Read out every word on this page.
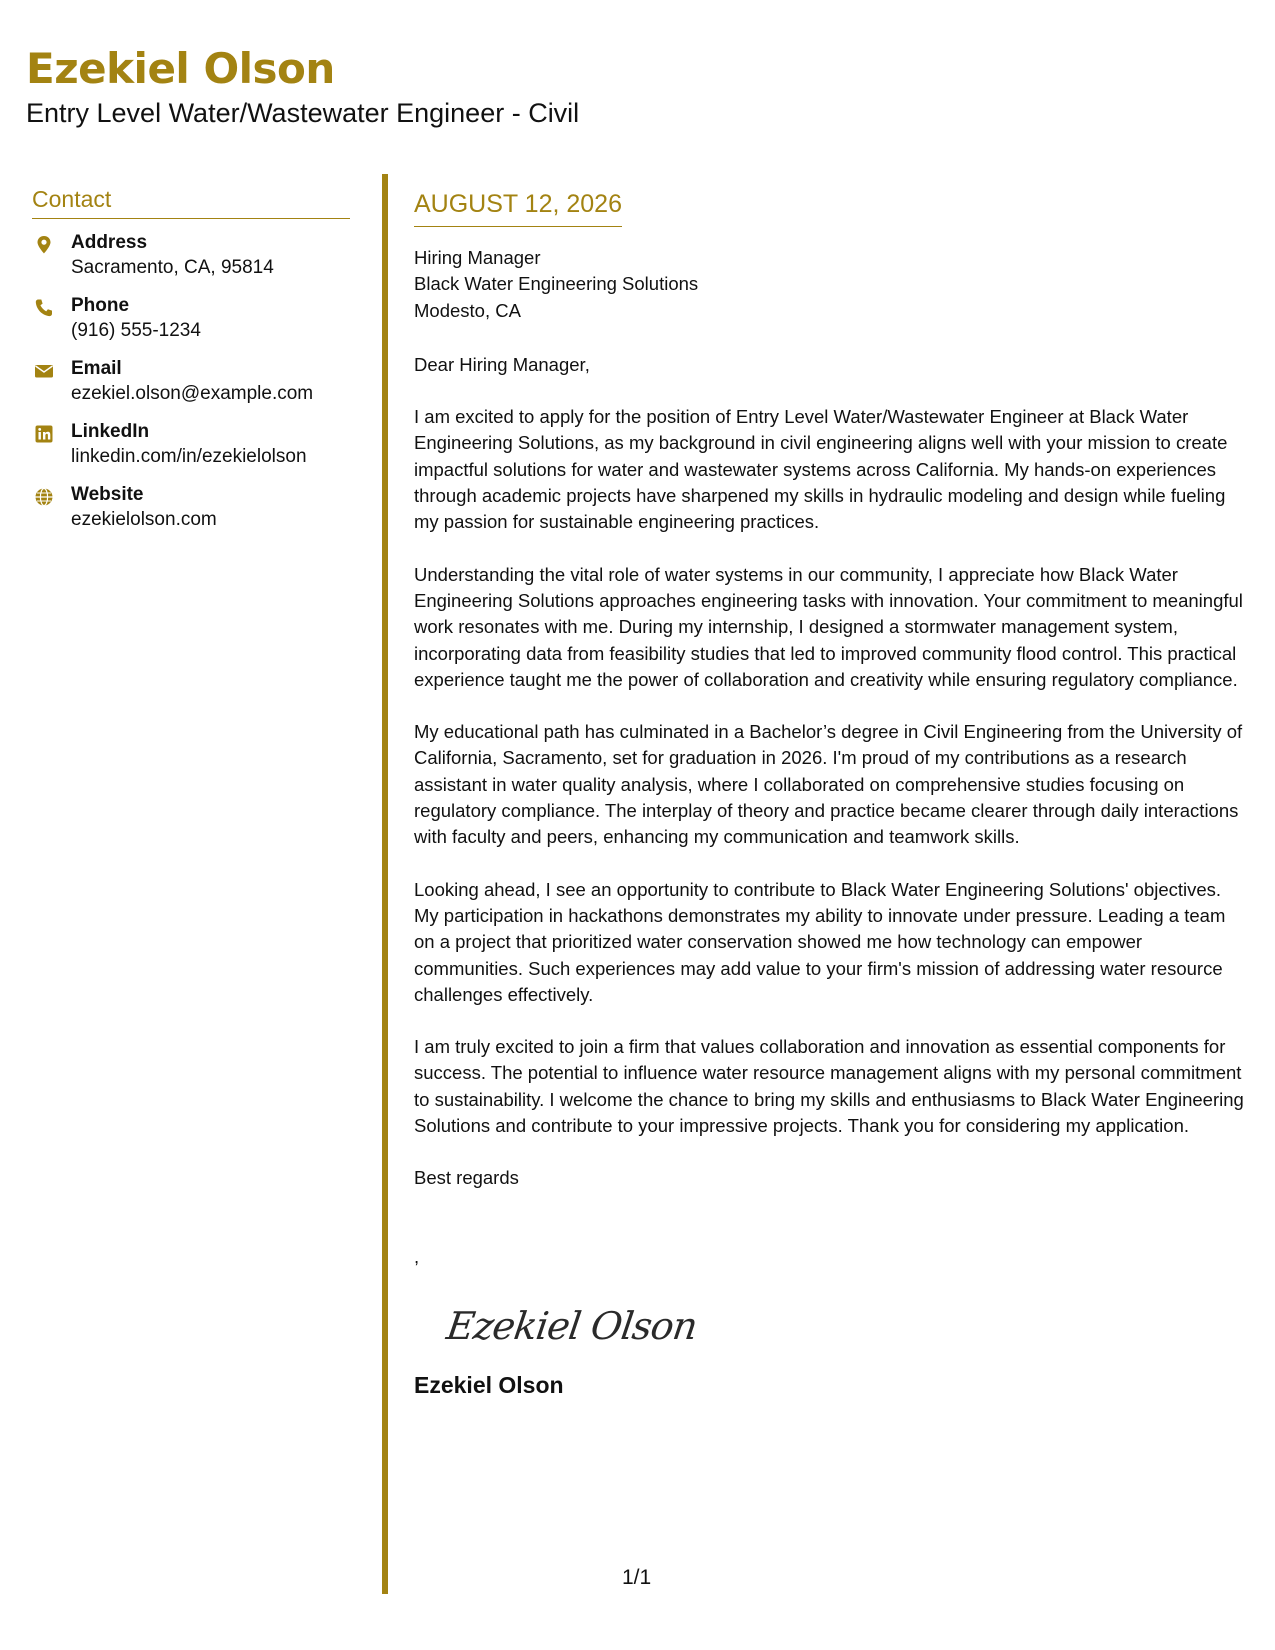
Ezekiel Olson
Entry Level Water/Wastewater Engineer - Civil
Contact
Address
Sacramento, CA, 95814
Phone
(916) 555-1234
Email
ezekiel.olson@example.com
LinkedIn
linkedin.com/in/ezekielolson
Website
ezekielolson.com
AUGUST 12, 2026
Hiring Manager
Black Water Engineering Solutions
Modesto, CA
Dear Hiring Manager,
I am excited to apply for the position of Entry Level Water/Wastewater Engineer at Black Water Engineering Solutions, as my background in civil engineering aligns well with your mission to create impactful solutions for water and wastewater systems across California. My hands-on experiences through academic projects have sharpened my skills in hydraulic modeling and design while fueling my passion for sustainable engineering practices.
Understanding the vital role of water systems in our community, I appreciate how Black Water Engineering Solutions approaches engineering tasks with innovation. Your commitment to meaningful work resonates with me. During my internship, I designed a stormwater management system, incorporating data from feasibility studies that led to improved community flood control. This practical experience taught me the power of collaboration and creativity while ensuring regulatory compliance.
My educational path has culminated in a Bachelor’s degree in Civil Engineering from the University of California, Sacramento, set for graduation in 2026. I'm proud of my contributions as a research assistant in water quality analysis, where I collaborated on comprehensive studies focusing on regulatory compliance. The interplay of theory and practice became clearer through daily interactions with faculty and peers, enhancing my communication and teamwork skills.
Looking ahead, I see an opportunity to contribute to Black Water Engineering Solutions' objectives. My participation in hackathons demonstrates my ability to innovate under pressure. Leading a team on a project that prioritized water conservation showed me how technology can empower communities. Such experiences may add value to your firm's mission of addressing water resource challenges effectively.
I am truly excited to join a firm that values collaboration and innovation as essential components for success. The potential to influence water resource management aligns with my personal commitment to sustainability. I welcome the chance to bring my skills and enthusiasms to Black Water Engineering Solutions and contribute to your impressive projects. Thank you for considering my application.
Best regards
,
Ezekiel Olson
Ezekiel Olson
1/1
